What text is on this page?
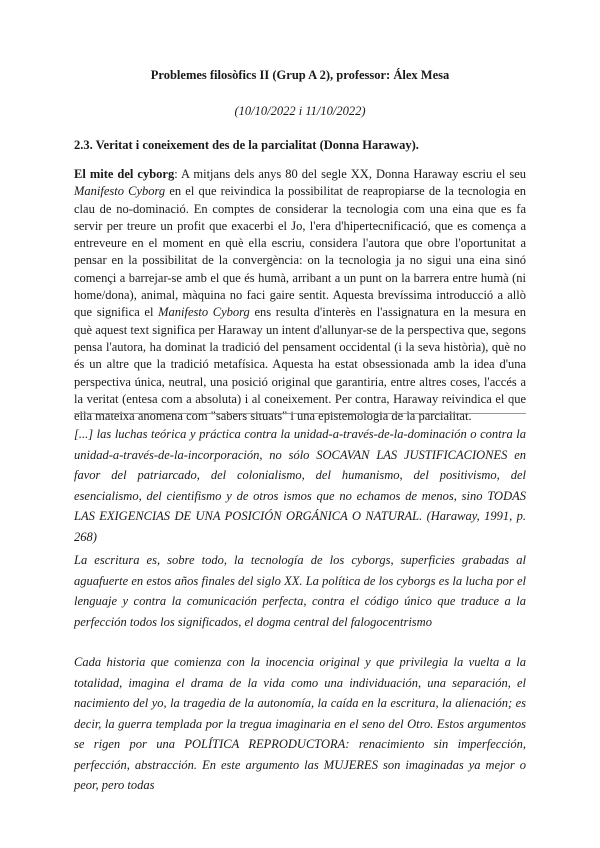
Problemes filosòfics II (Grup A 2), professor: Álex Mesa
(10/10/2022 i 11/10/2022)
2.3. Veritat i coneixement des de la parcialitat (Donna Haraway).

El mite del cyborg: A mitjans dels anys 80 del segle XX, Donna Haraway escriu el seu Manifesto Cyborg en el que reivindica la possibilitat de reapropiarse de la tecnologia en clau de no-dominació. En comptes de considerar la tecnologia com una eina que es fa servir per treure un profit que exacerbi el Jo, l'era d'hipertecnificació, que es comença a entreveure en el moment en què ella escriu, considera l'autora que obre l'oportunitat a pensar en la possibilitat de la convergència: on la tecnologia ja no sigui una eina sinó començi a barrejar-se amb el que és humà, arribant a un punt on la barrera entre humà (ni home/dona), animal, màquina no faci gaire sentit. Aquesta brevíssima introducció a allò que significa el Manifesto Cyborg ens resulta d'interès en l'assignatura en la mesura en què aquest text significa per Haraway un intent d'allunyar-se de la perspectiva que, segons pensa l'autora, ha dominat la tradició del pensament occidental (i la seva història), què no és un altre que la tradició metafísica. Aquesta ha estat obsessionada amb la idea d'una perspectiva única, neutral, una posició original que garantiria, entre altres coses, l'accés a la veritat (entesa com a absoluta) i al coneixement. Per contra, Haraway reivindica el que ella mateixa anomena com "sabers situats" i una epistemologia de la parcialitat.

[...] las luchas teórica y práctica contra la unidad-a-través-de-la-dominación o contra la unidad-a-través-de-la-incorporación, no sólo SOCAVAN LAS JUSTIFICACIONES en favor del patriarcado, del colonialismo, del humanismo, del positivismo, del esencialismo, del cientifismo y de otros ismos que no echamos de menos, sino TODAS LAS EXIGENCIAS DE UNA POSICIÓN ORGÁNICA O NATURAL. (Haraway, 1991, p. 268)

La escritura es, sobre todo, la tecnología de los cyborgs, superficies grabadas al aguafuerte en estos años finales del siglo XX. La política de los cyborgs es la lucha por el lenguaje y contra la comunicación perfecta, contra el código único que traduce a la perfección todos los significados, el dogma central del falogocentrismo

Cada historia que comienza con la inocencia original y que privilegia la vuelta a la totalidad, imagina el drama de la vida como una individuación, una separación, el nacimiento del yo, la tragedia de la autonomía, la caída en la escritura, la alienación; es decir, la guerra templada por la tregua imaginaria en el seno del Otro. Estos argumentos se rigen por una POLÍTICA REPRODUCTORA: renacimiento sin imperfección, perfección, abstracción. En este argumento las MUJERES son imaginadas ya mejor o peor, pero todas
